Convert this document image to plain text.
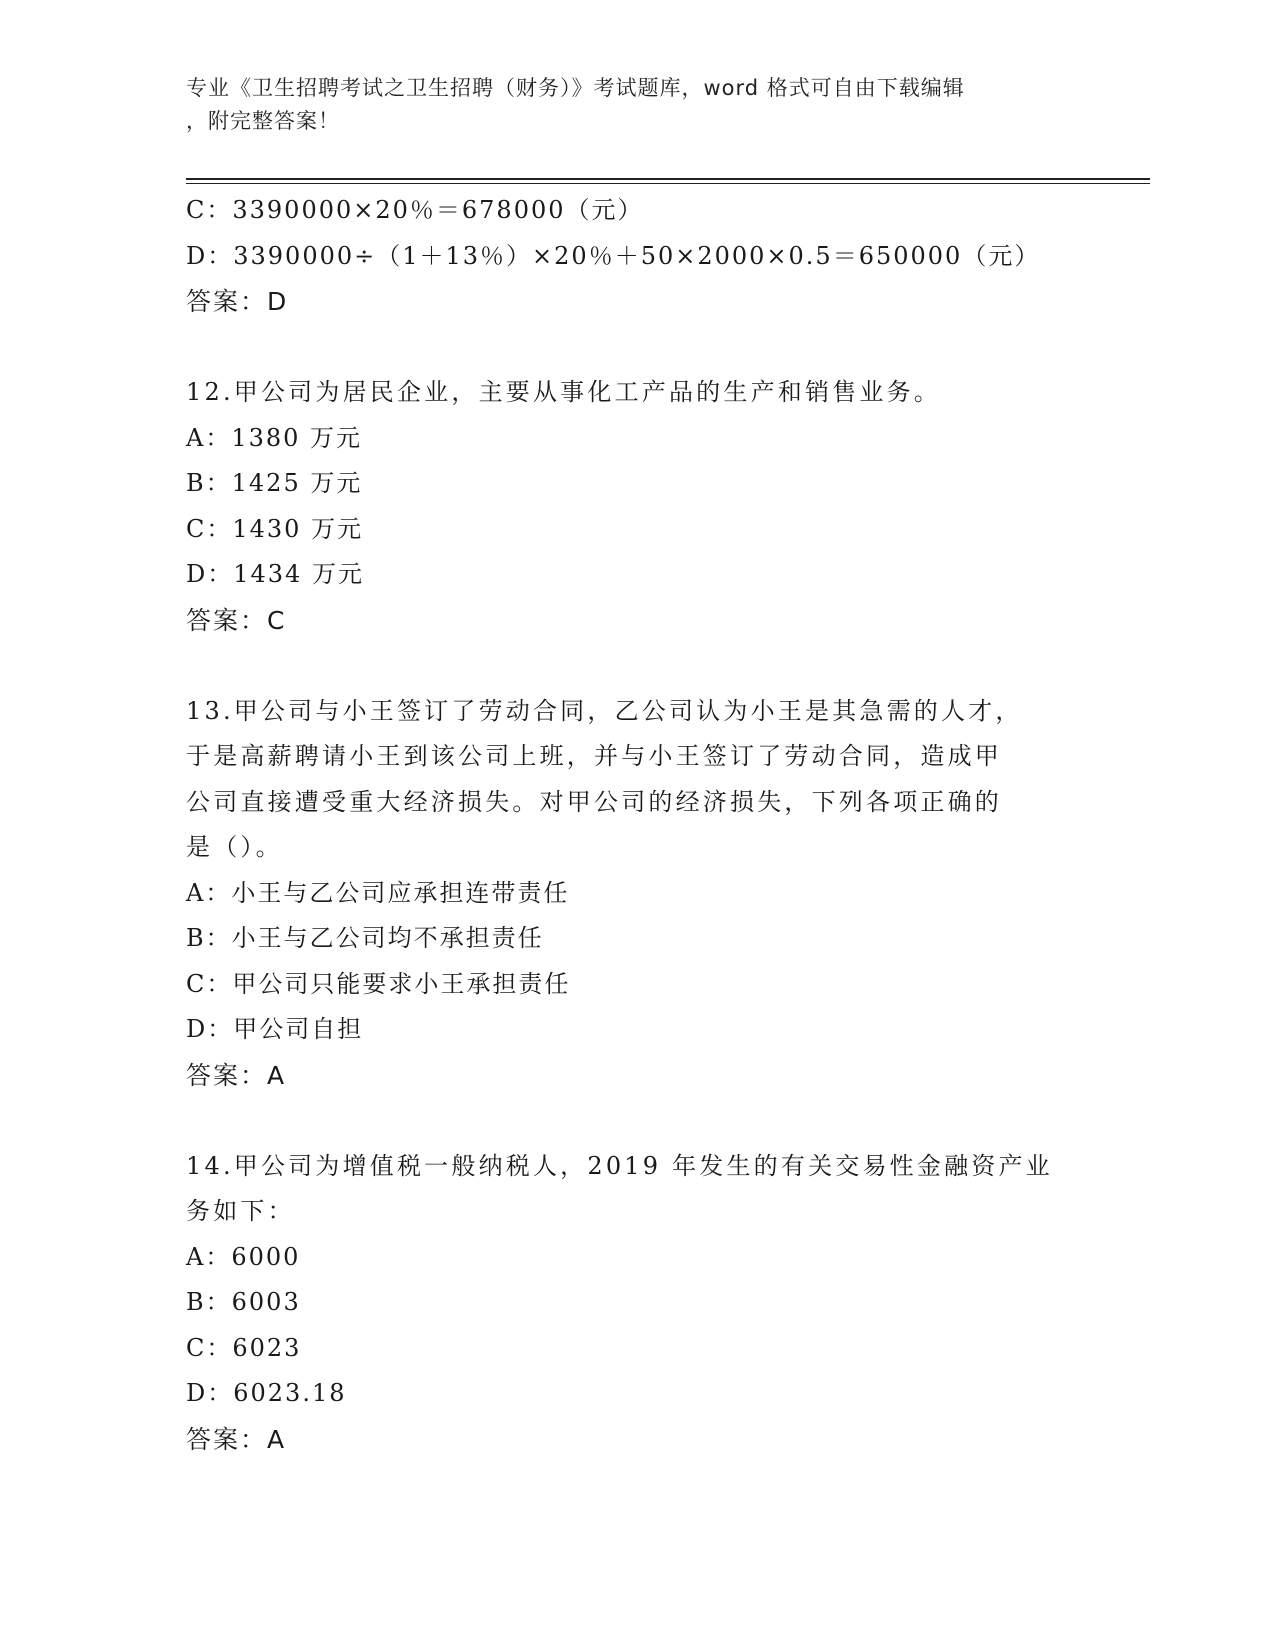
专业《卫生招聘考试之卫生招聘（财务）》考试题库，word 格式可自由下载编辑
，附完整答案！
C：3390000×20％＝678000（元）
D：3390000÷（1＋13％）×20％＋50×2000×0.5＝650000（元）
答案：D
12.甲公司为居民企业，主要从事化工产品的生产和销售业务。
A：1380 万元
B：1425 万元
C：1430 万元
D：1434 万元
答案：C
13.甲公司与小王签订了劳动合同，乙公司认为小王是其急需的人才，
于是高薪聘请小王到该公司上班，并与小王签订了劳动合同，造成甲
公司直接遭受重大经济损失。对甲公司的经济损失，下列各项正确的
是（）。
A：小王与乙公司应承担连带责任
B：小王与乙公司均不承担责任
C：甲公司只能要求小王承担责任
D：甲公司自担
答案：A
14.甲公司为增值税一般纳税人，2019 年发生的有关交易性金融资产业
务如下：
A：6000
B：6003
C：6023
D：6023.18
答案：A
